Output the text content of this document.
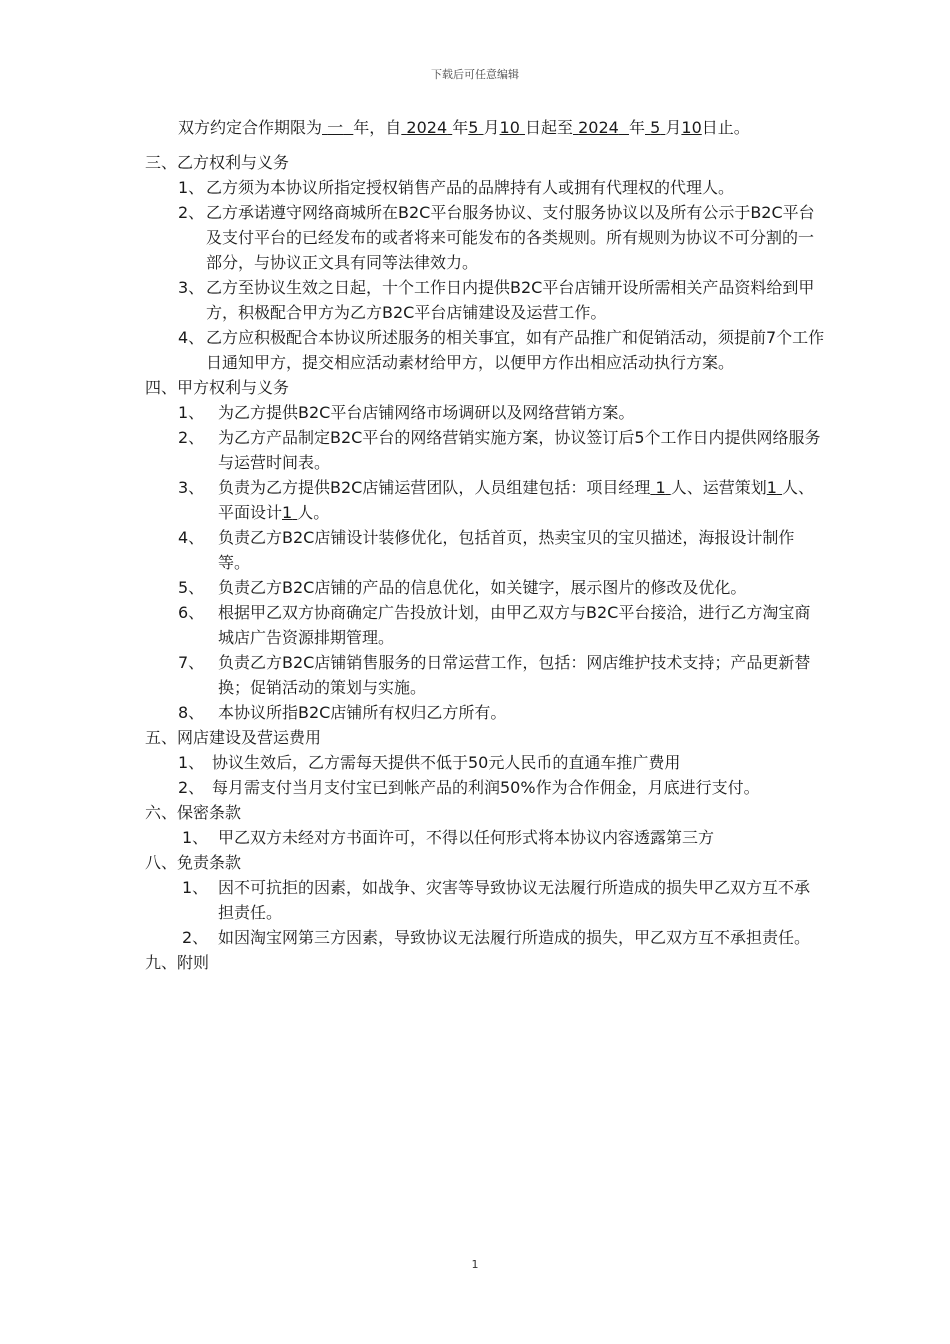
下载后可任意编辑
双方约定合作期限为 一 年，自 2024 年5 月10 日起至 2024 年 5 月10日止。
三、乙方权利与义务
1、 乙方须为本协议所指定授权销售产品的品牌持有人或拥有代理权的代理人。
2、 乙方承诺遵守网络商城所在B2C平台服务协议、支付服务协议以及所有公示于B2C平台及支付平台的已经发布的或者将来可能发布的各类规则。所有规则为协议不可分割的一部分，与协议正文具有同等法律效力。
3、 乙方至协议生效之日起，十个工作日内提供B2C平台店铺开设所需相关产品资料给到甲方，积极配合甲方为乙方B2C平台店铺建设及运营工作。
4、 乙方应积极配合本协议所述服务的相关事宜，如有产品推广和促销活动，须提前7个工作日通知甲方，提交相应活动素材给甲方，以便甲方作出相应活动执行方案。
四、甲方权利与义务
1、 为乙方提供B2C平台店铺网络市场调研以及网络营销方案。
2、 为乙方产品制定B2C平台的网络营销实施方案，协议签订后5个工作日内提供网络服务与运营时间表。
3、 负责为乙方提供B2C店铺运营团队，人员组建包括：项目经理 1 人、运营策划1 人、平面设计1 人。
4、 负责乙方B2C店铺设计装修优化，包括首页，热卖宝贝的宝贝描述，海报设计制作等。
5、 负责乙方B2C店铺的产品的信息优化，如关键字，展示图片的修改及优化。
6、 根据甲乙双方协商确定广告投放计划，由甲乙双方与B2C平台接洽，进行乙方淘宝商城店广告资源排期管理。
7、 负责乙方B2C店铺销售服务的日常运营工作，包括：网店维护技术支持；产品更新替换；促销活动的策划与实施。
8、 本协议所指B2C店铺所有权归乙方所有。
五、网店建设及营运费用
1、 协议生效后，乙方需每天提供不低于50元人民币的直通车推广费用
2、 每月需支付当月支付宝已到帐产品的利润50%作为合作佣金，月底进行支付。
六、保密条款
1、 甲乙双方未经对方书面许可，不得以任何形式将本协议内容透露第三方
八、免责条款
1、 因不可抗拒的因素，如战争、灾害等导致协议无法履行所造成的损失甲乙双方互不承担责任。
2、 如因淘宝网第三方因素，导致协议无法履行所造成的损失，甲乙双方互不承担责任。
九、附则
1
